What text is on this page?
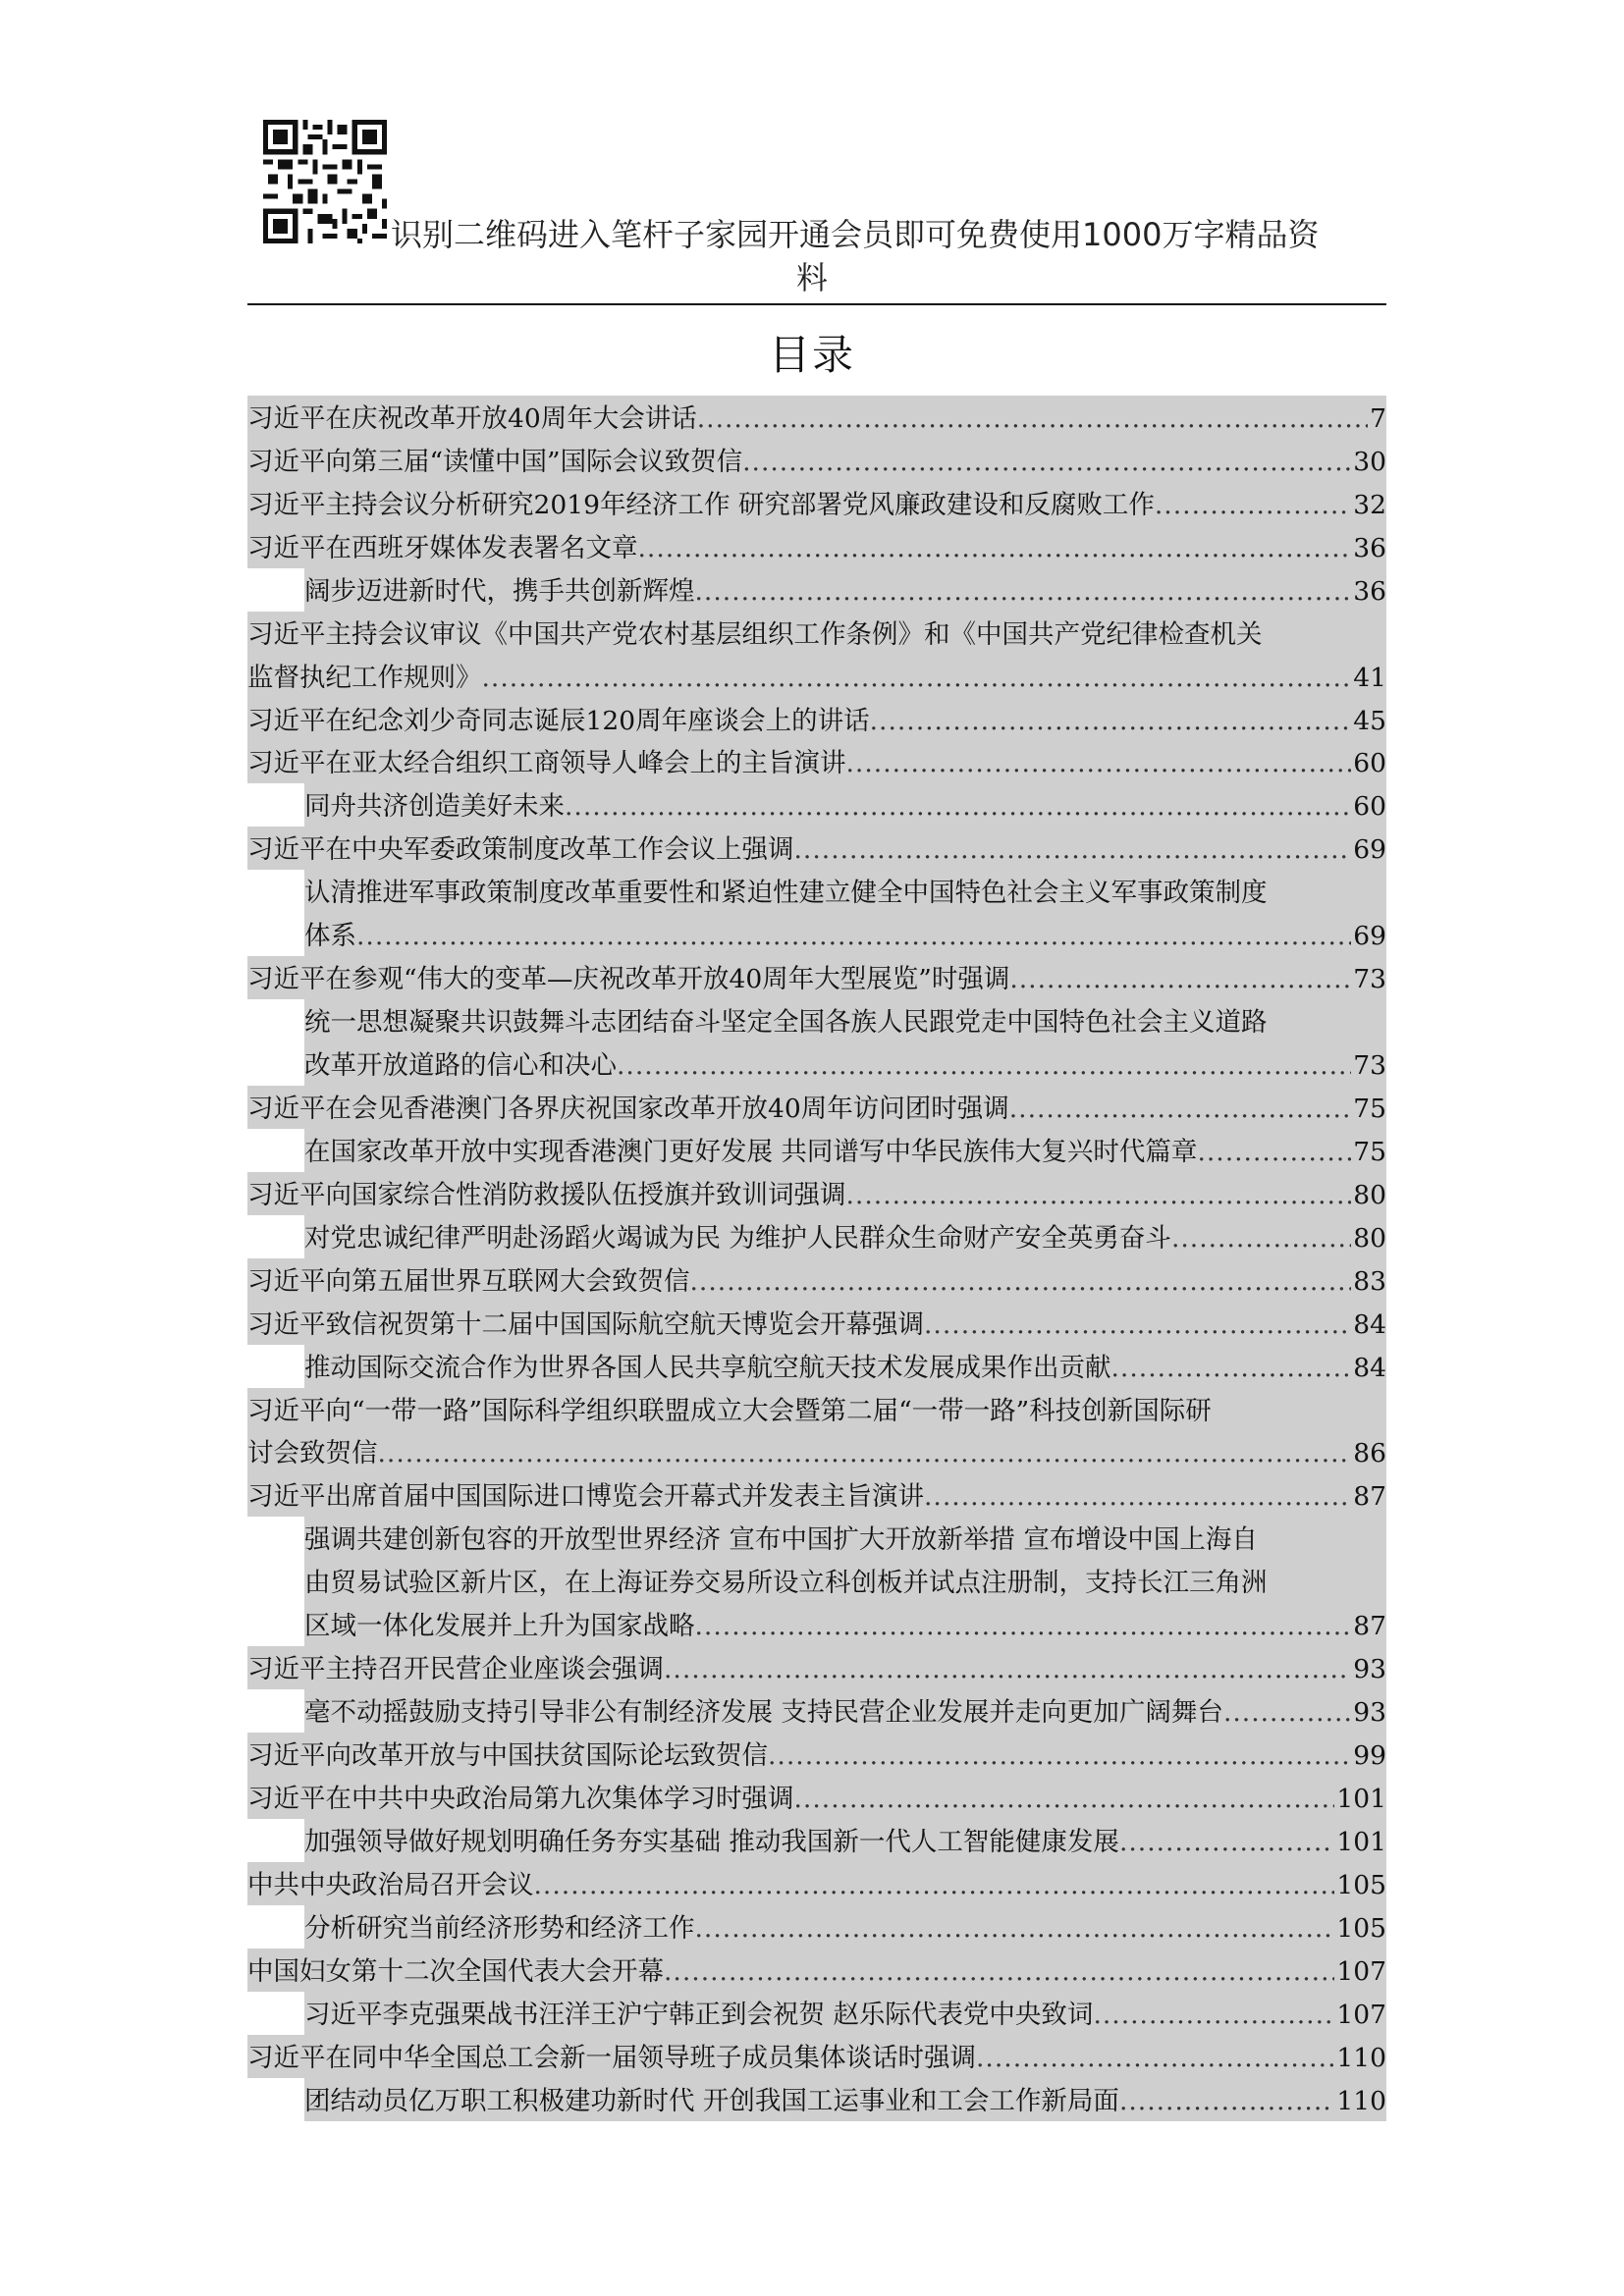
识别二维码进入笔杆子家园开通会员即可免费使用1000万字精品资
料
目录
习近平在庆祝改革开放40周年大会讲话 .....	7
习近平向第三届“读懂中国”国际会议致贺信 .....	30
习近平主持会议分析研究2019年经济工作 研究部署党风廉政建设和反腐败工作 .....	32
习近平在西班牙媒体发表署名文章 .....	36
阔步迈进新时代，携手共创新辉煌 .....	36
习近平主持会议审议《中国共产党农村基层组织工作条例》和《中国共产党纪律检查机关
监督执纪工作规则》 .....	41
习近平在纪念刘少奇同志诞辰120周年座谈会上的讲话 .....	45
习近平在亚太经合组织工商领导人峰会上的主旨演讲 .....	60
同舟共济创造美好未来 .....	60
习近平在中央军委政策制度改革工作会议上强调 .....	69
认清推进军事政策制度改革重要性和紧迫性建立健全中国特色社会主义军事政策制度
体系 .....	69
习近平在参观“伟大的变革—庆祝改革开放40周年大型展览”时强调 .....	73
统一思想凝聚共识鼓舞斗志团结奋斗坚定全国各族人民跟党走中国特色社会主义道路
改革开放道路的信心和决心 .....	73
习近平在会见香港澳门各界庆祝国家改革开放40周年访问团时强调 .....	75
在国家改革开放中实现香港澳门更好发展 共同谱写中华民族伟大复兴时代篇章 .....	75
习近平向国家综合性消防救援队伍授旗并致训词强调 .....	80
对党忠诚纪律严明赴汤蹈火竭诚为民 为维护人民群众生命财产安全英勇奋斗 .....	80
习近平向第五届世界互联网大会致贺信 .....	83
习近平致信祝贺第十二届中国国际航空航天博览会开幕强调 .....	84
推动国际交流合作为世界各国人民共享航空航天技术发展成果作出贡献 .....	84
习近平向“一带一路”国际科学组织联盟成立大会暨第二届“一带一路”科技创新国际研
讨会致贺信 .....	86
习近平出席首届中国国际进口博览会开幕式并发表主旨演讲 .....	87
强调共建创新包容的开放型世界经济 宣布中国扩大开放新举措 宣布增设中国上海自
由贸易试验区新片区，在上海证券交易所设立科创板并试点注册制，支持长江三角洲
区域一体化发展并上升为国家战略 .....	87
习近平主持召开民营企业座谈会强调 .....	93
毫不动摇鼓励支持引导非公有制经济发展 支持民营企业发展并走向更加广阔舞台 .....	93
习近平向改革开放与中国扶贫国际论坛致贺信 .....	99
习近平在中共中央政治局第九次集体学习时强调 .....	101
加强领导做好规划明确任务夯实基础 推动我国新一代人工智能健康发展 .....	101
中共中央政治局召开会议 .....	105
分析研究当前经济形势和经济工作 .....	105
中国妇女第十二次全国代表大会开幕 .....	107
习近平李克强栗战书汪洋王沪宁韩正到会祝贺 赵乐际代表党中央致词 .....	107
习近平在同中华全国总工会新一届领导班子成员集体谈话时强调 .....	110
团结动员亿万职工积极建功新时代 开创我国工运事业和工会工作新局面 .....	110
